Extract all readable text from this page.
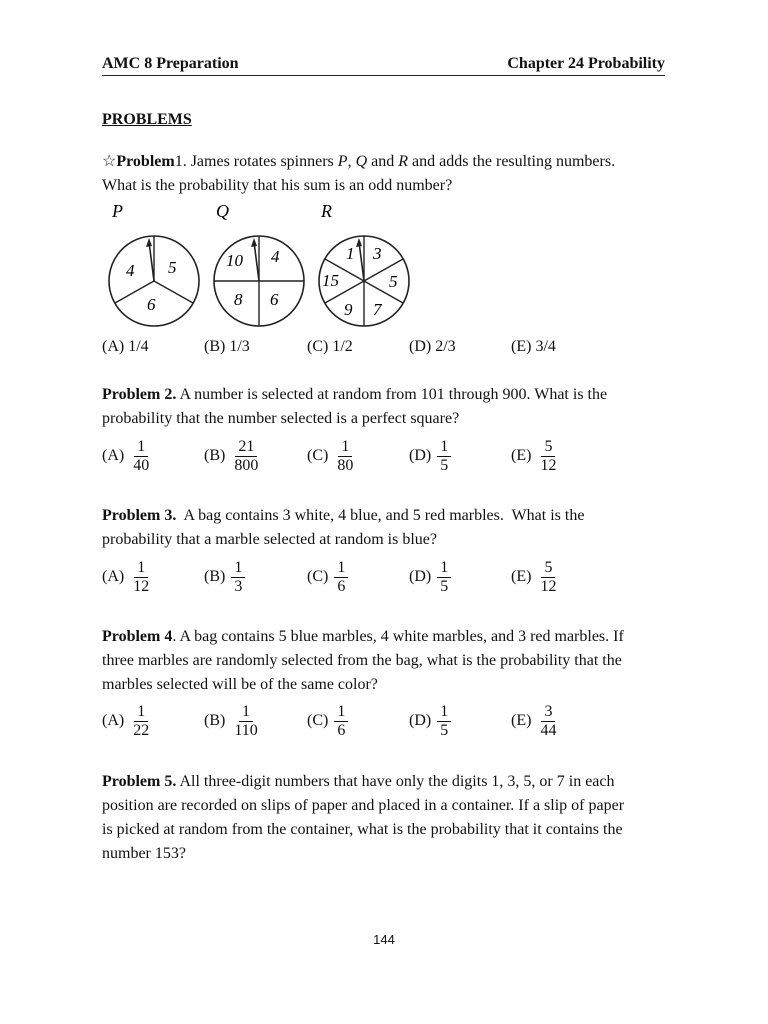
AMC 8 Preparation	Chapter 24 Probability
PROBLEMS
☆Problem1. James rotates spinners P, Q and R and adds the resulting numbers.
What is the probability that his sum is an odd number?
P	Q	R
4 5
6
10 4
8 6
1 3
5
7
9
15
(A) 1/4	(B) 1/3	(C) 1/2	(D) 2/3	(E) 3/4
Problem 2. A number is selected at random from 101 through 900. What is the
probability that the number selected is a perfect square?
$(A) \frac{1}{40}$	$(B) \frac{21}{800}$	$(C) \frac{1}{80}$	$(D) \frac{1}{5}$	$(E) \frac{5}{12}$
Problem 3.  A bag contains 3 white, 4 blue, and 5 red marbles.  What is the
probability that a marble selected at random is blue?
$(A) \frac{1}{12}$	$(B) \frac{1}{3}$	$(C) \frac{1}{6}$	$(D) \frac{1}{5}$	$(E) \frac{5}{12}$
Problem 4. A bag contains 5 blue marbles, 4 white marbles, and 3 red marbles. If
three marbles are randomly selected from the bag, what is the probability that the
marbles selected will be of the same color?
$(A) \frac{1}{22}$	$(B) \frac{1}{110}$	$(C) \frac{1}{6}$	$(D) \frac{1}{5}$	$(E) \frac{3}{44}$
Problem 5. All three-digit numbers that have only the digits 1, 3, 5, or 7 in each
position are recorded on slips of paper and placed in a container. If a slip of paper
is picked at random from the container, what is the probability that it contains the
number 153?
144
